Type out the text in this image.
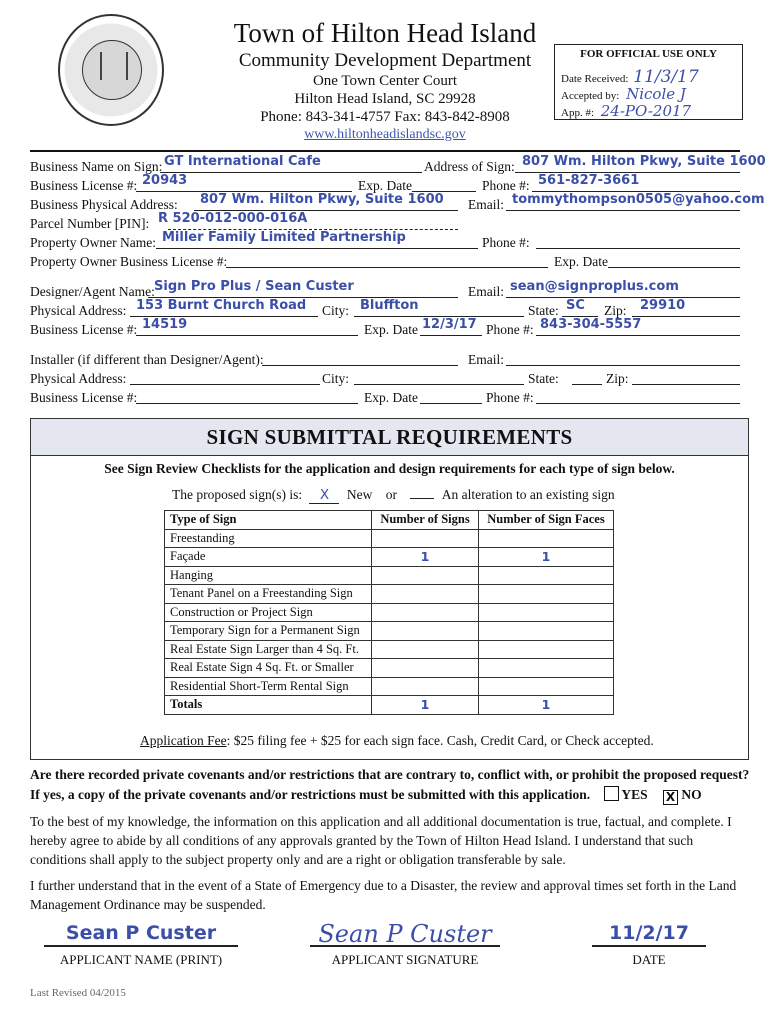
Town of Hilton Head Island
Community Development Department
One Town Center Court
Hilton Head Island, SC 29928
Phone: 843-341-4757 Fax: 843-842-8908
www.hiltonheadislandsc.gov
FOR OFFICIAL USE ONLY
Date Received: 11/3/17
Accepted by: Nicole J
App. #: 24-PO-2017
Business Name on Sign: GT International Cafe	Address of Sign: 807 Wm. Hilton Pkwy, Suite 1600
Business License #: 20943	Exp. Date	Phone #: 561-827-3661
Business Physical Address: 807 Wm. Hilton Pkwy, Suite 1600 Email: tommythompson0505@yahoo.com
Parcel Number [PIN]: R 520-012-000-016A
Property Owner Name: Miller Family Limited Partnership	Phone #:
Property Owner Business License #:	Exp. Date
Designer/Agent Name: Sign Pro Plus / Sean Custer	Email: sean@signproplus.com
Physical Address: 153 Burnt Church Road City: Bluffton	State: SC Zip: 29910
Business License #: 14519	Exp. Date 12/3/17 Phone #: 843-304-5557
Installer (if different than Designer/Agent):	Email:
Physical Address:	City:	State:	Zip:
Business License #:	Exp. Date	Phone #:
SIGN SUBMITTAL REQUIREMENTS
See Sign Review Checklists for the application and design requirements for each type of sign below.
The proposed sign(s) is: X New or	An alteration to an existing sign
Type of Sign	Number of Signs	Number of Sign Faces
Freestanding		
Façade	1	1
Hanging		
Tenant Panel on a Freestanding Sign		
Construction or Project Sign		
Temporary Sign for a Permanent Sign		
Real Estate Sign Larger than 4 Sq. Ft.		
Real Estate Sign 4 Sq. Ft. or Smaller		
Residential Short-Term Rental Sign		
Totals	1	1
Application Fee: $25 filing fee + $25 for each sign face. Cash, Credit Card, or Check accepted.
Are there recorded private covenants and/or restrictions that are contrary to, conflict with, or prohibit the proposed request?
If yes, a copy of the private covenants and/or restrictions must be submitted with this application. YES X NO
To the best of my knowledge, the information on this application and all additional documentation is true, factual, and complete. I hereby agree to abide by all conditions of any approvals granted by the Town of Hilton Head Island. I understand that such conditions shall apply to the subject property only and are a right or obligation transferable by sale.
I further understand that in the event of a State of Emergency due to a Disaster, the review and approval times set forth in the Land Management Ordinance may be suspended.
Sean P Custer
APPLICANT NAME (PRINT)
Sean P Custer
APPLICANT SIGNATURE
11/2/17
DATE
Last Revised 04/2015
